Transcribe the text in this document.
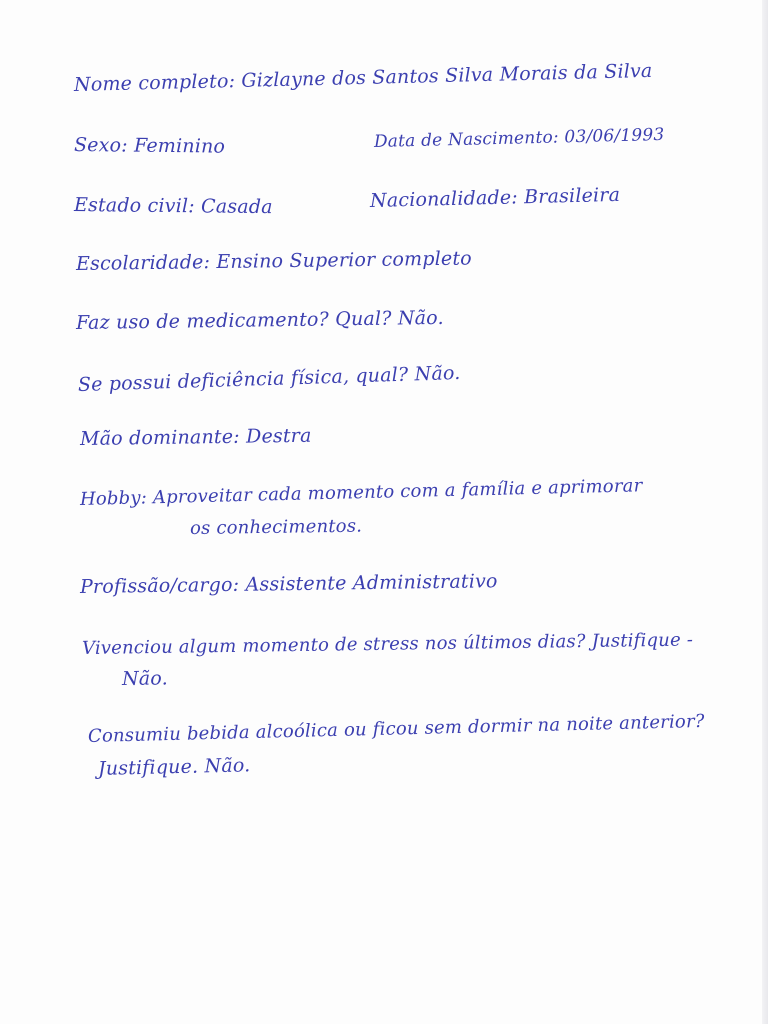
Nome completo: Gizlayne dos Santos Silva Morais da Silva
Sexo: Feminino	Data de Nascimento: 03/06/1993
Estado civil: Casada	Nacionalidade: Brasileira
Escolaridade: Ensino Superior completo
Faz uso de medicamento? Qual? Não.
Se possui deficiência física, qual? Não.
Mão dominante: Destra
Hobby: Aproveitar cada momento com a família e aprimorar
os conhecimentos.
Profissão/cargo: Assistente Administrativo
Vivenciou algum momento de stress nos últimos dias? Justifique -
Não.
Consumiu bebida alcoólica ou ficou sem dormir na noite anterior?
Justifique. Não.
